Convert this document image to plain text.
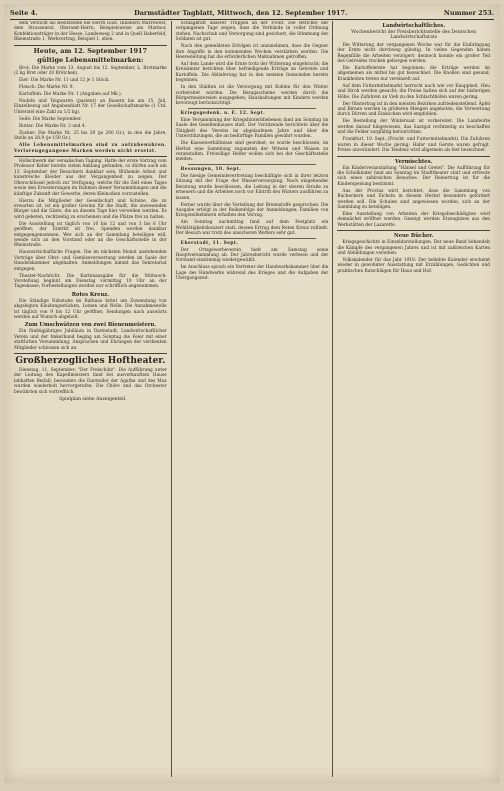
Seite 4.	Darmstädter Tagblatt, Mittwoch, den 12. September 1917.	Nummer 253.

dem Verzicht als Besitzstelle bei Herrn Gust. Inhabern Marrowest, dem Strassenrat, Oberamt-Herrn, Beispielsweise am Marmor, Konfektionsträger in der Hesse, Landesweg 2 und in Quell Haberfeld, Rheinstraße 1, Werkvertrag, Beispiel 1, eben.

Heute, am 12. September 1917
gültige Lebensmittelmarken:

Brot: Die Marke vom 13. August bis 12. September, L. Brotmarke (2 kg Brot oder 20 Brötchen).

Eier: Die Marke Nr. 11 und 12 je 1 Stück.

Fleisch: Die Marke Nr. 9.

Kartoffeln: Die Marke Nr. 1 (Angaben auf Mk.).

Nudeln und Teigwaren (pasteur) an Bauern bis am 15. Juli, Einzelbezug auf Angabenblatt Nr. 17 der Gesellschaftsmarke (1 Ctd. Unterziel eine Zahl zu 1/2 kg).

Seife: Die Marke September.

Butter: Die Marke Nr. 3 und 4.

Zucker: Die Marke Nr. 25 bis 29 (je 200 Gr.), in den die Jahre, Stelle an 28.9 (je 150 Gr.).

Alle Lebensmittelmarken sind zu aufzubewahren. Verlorengegangene Marken werden nicht ersetzt.

Höllschwerk der versalischen Tagung. Hatte der erste Vortrag vom Professor Keller bereits vielen Anklang gefunden, so dürfen auch am 13. September der Besuchern dankbar sein, Blühende Arbeit und kunstreiche Kleider aus der Vergangenheit zu zeigen. Der Oberschlüssel jedoch zur Verfügung, welche für die Zeit eines Tages sowie den Erweiterungen im Rahmen dieser Versammlungen und die künftige Zukunft der Gewerbe, deren Kleinodien vorzustellen.

Hierzu die Mitglieder der Gesellschaft und Schöne, die zu erwarten ist, ist ein großer Gewinn für die Stadt, die anwesenden Bürger und die Gäste, die an diesem Tage hier verweilen werden. Es wird gebeten, rechtzeitig zu erscheinen und die Plätze frei zu halten.

Die Ausstellung ist täglich von 10 bis 12 und von 3 bis 6 Uhr geöffnet; der Eintritt ist frei, Spenden werden dankbar entgegengenommen. Wer sich an der Sammlung beteiligen will, wende sich an den Vorstand oder an die Geschäftsstelle in der Rheinstraße.

Hauswirtschaftliche Fragen. Die im nächsten Monat anstehenden Vorträge über Obst- und Gemüseverwertung werden im Saale der Handelskammer abgehalten; Anmeldungen nimmt das Sekretariat entgegen.

Theater-Nachricht. Die Kartenausgabe für die Mittwoch-Vorstellung beginnt am Dienstag vormittag 10 Uhr an der Tageskasse; Vorbestellungen werden nur schriftlich angenommen.

Rotes Kreuz.

Die Ständige Nähstube im Rathaus bittet um Zuwendung von abgelegten Kleidungsstücken, Leinen und Wolle. Die Annahmestelle ist täglich von 9 bis 12 Uhr geöffnet; Sendungen nach auswärts werden auf Wunsch abgeholt.

Zum Umschwätzen von zwei Bienenmeistern.

Ein fünfzigjähriges Jubiläum in Darmstadt, Landwirtschaftlicher Verein und der Imkerbund beging am Sonntag die Feier mit einer stattlichen Versammlung; Ansprachen und Ehrungen der verdienten Mitglieder schlossen sich an.

Großherzogliches Hoftheater.

Dienstag, 11. September: "Der Freischütz". Die Aufführung unter der Leitung des Kapellmeisters fand bei ausverkauftem Hause lebhaften Beifall; besonders die Darsteller der Agathe und des Max wurden wiederholt hervorgerufen. Die Chöre und das Orchester bewährten sich vortrefflich.

Spielplan siehe Anzeigenteil.

Schlagkraft unserer Truppen an der Front. Die Berichte der vergangenen Tage zeigen, dass die Verbände in voller Ordnung stehen. Nachschub und Versorgung sind gesichert, die Stimmung der Soldaten ist gut.

Nach den gemeldeten Erfolgen ist anzunehmen, dass die Gegner ihre Angriffe in den kommenden Wochen verstärken werden. Die Heeresleitung hat die erforderlichen Maßnahmen getroffen.

Auf dem Lande wird die Ernte trotz der Witterung eingebracht; die Kreisämter berichten über befriedigende Erträge an Getreide und Kartoffeln. Die Ablieferung hat in den meisten Gemeinden bereits begonnen.

In den Städten ist die Versorgung mit Kohlen für den Winter vorbereitet worden. Die Bezugsscheine werden durch die Bürgermeistereien ausgegeben; Haushaltungen mit Kindern werden bevorzugt berücksichtigt.

Kriegsgedenk. u. E. 12. Sept.

Eine Versammlung der Kriegshinterbliebenen fand am Sonntag im Saale des Gesellenhauses statt. Der Vorsitzende berichtete über die Tätigkeit des Vereins im abgelaufenen Jahre und über die Unterstützungen, die an bedürftige Familien gewährt wurden.

Die Kassenverhältnisse sind geordnet; es wurde beschlossen, im Herbst eine Sammlung zugunsten der Witwen und Waisen zu veranstalten. Freiwillige Helfer wollen sich bei der Geschäftsstelle melden.

Bessungen, 10. Sept.

Die hiesige Gemeindevertretung beschäftigte sich in ihrer letzten Sitzung mit der Frage der Wasserversorgung. Nach eingehender Beratung wurde beschlossen, die Leitung in der oberen Straße zu erneuern und die Arbeiten noch vor Eintritt des Winters ausführen zu lassen.

Ferner wurde über die Verteilung der Brennstoffe gesprochen. Die Ausgabe erfolgt in der Reihenfolge der Anmeldungen; Familien von Kriegsteilnehmern erhalten den Vorzug.

Am Sonntag nachmittag fand auf dem Festplatz ein Wohltätigkeitskonzert statt, dessen Ertrag dem Roten Kreuz zufließt. Der Besuch war trotz des unsicheren Wetters sehr gut.

Eberstadt, 11. Sept.

Der Ortsgewerbeverein hielt am Samstag seine Hauptversammlung ab. Der Jahresbericht wurde verlesen und der Vorstand einstimmig wiedergewählt.

Im Anschluss sprach ein Vertreter der Handwerkskammer über die Lage des Handwerks während des Krieges und die Aufgaben der Übergangszeit.

Landwirtschaftliches.
Wochenbericht der Preisberichtsstelle des Deutschen Landwirtschaftsrats

Die Witterung der vergangenen Woche war für die Einbringung der Ernte nicht durchweg günstig. In vielen Gegenden haben Regenfälle die Arbeiten verzögert; dennoch konnte ein großer Teil des Getreides trocken geborgen werden.

Die Kartoffelernte hat begonnen; die Erträge werden im allgemeinen als mittel bis gut bezeichnet. Die Knollen sind gesund, Krankheiten treten nur vereinzelt auf.

Auf dem Futtermittelmarkt herrscht nach wie vor Knappheit. Heu und Stroh werden gesucht; die Preise halten sich auf der bisherigen Höhe. Die Zufuhren an Vieh zu den Schlachthöfen waren gering.

Der Obstertrag ist in den meisten Bezirken zufriedenstellend. Äpfel und Birnen werden in größeren Mengen angeboten; die Verwertung durch Dörren und Einkochen wird empfohlen.

Die Bestellung der Wintersaat ist vorbereitet. Die Landwirte werden darauf hingewiesen, das Saatgut rechtzeitig zu beschaffen und die Felder sorgfältig herzurichten.

Frankfurt, 10. Sept. (Frucht- und Futtermittelmarkt). Die Zufuhren waren in dieser Woche gering; Hafer und Gerste waren gefragt. Preise unverändert. Die Tendenz wird allgemein als fest bezeichnet.

Vermischtes.

Ein Kinderveranstaltung "Hänsel und Gretel". Die Aufführung für die Schulkinder fand am Sonntag im Stadttheater statt und erfreute sich eines zahlreichen Besuches. Der Reinertrag ist für die Kinderspeisung bestimmt.

Aus der Provinz wird berichtet, dass die Sammlung von Bucheckern und Eicheln in diesem Herbst besonders gefördert werden soll. Die Schulen sind angewiesen worden, sich an der Sammlung zu beteiligen.

Eine Ausstellung von Arbeiten der Kriegsbeschädigten wird demnächst eröffnet werden. Gezeigt werden Erzeugnisse aus den Werkstätten der Lazarette.

Neue Bücher.

Kriegsgeschichte in Einzeldarstellungen. Der neue Band behandelt die Kämpfe des vergangenen Jahres und ist mit zahlreichen Karten und Abbildungen versehen.

Volkskalender für das Jahr 1918. Der beliebte Kalender erscheint wieder in gewohnter Ausstattung mit Erzählungen, Gedichten und praktischen Ratschlägen für Haus und Hof.
